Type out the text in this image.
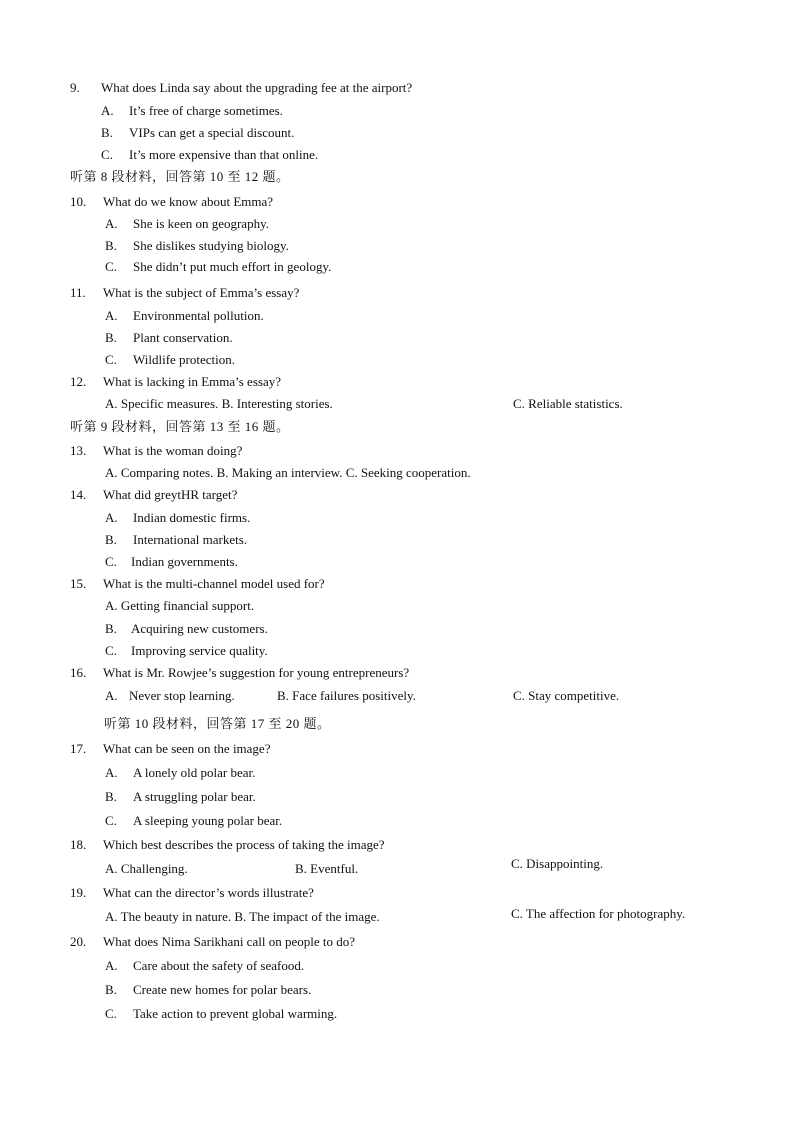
9. What does Linda say about the upgrading fee at the airport?
A. It’s free of charge sometimes.
B. VIPs can get a special discount.
C. It’s more expensive than that online.
听第 8 段材料，回答第 10 至 12 题。
10. What do we know about Emma?
A. She is keen on geography.
B. She dislikes studying biology.
C. She didn’t put much effort in geology.
11. What is the subject of Emma’s essay?
A. Environmental pollution.
B. Plant conservation.
C. Wildlife protection.
12. What is lacking in Emma’s essay?
A. Specific measures. B. Interesting stories.	C. Reliable statistics.
听第 9 段材料，回答第 13 至 16 题。
13. What is the woman doing?
A. Comparing notes. B. Making an interview. C. Seeking cooperation.
14. What did greytHR target?
A. Indian domestic firms.
B. International markets.
C. Indian governments.
15. What is the multi-channel model used for?
A. Getting financial support.
B. Acquiring new customers.
C. Improving service quality.
16. What is Mr. Rowjee’s suggestion for young entrepreneurs?
A. Never stop learning.	B. Face failures positively.	C. Stay competitive.
听第 10 段材料，回答第 17 至 20 题。
17. What can be seen on the image?
A. A lonely old polar bear.
B. A struggling polar bear.
C. A sleeping young polar bear.
18. Which best describes the process of taking the image?
C. Disappointing.
A. Challenging.	B. Eventful.
19. What can the director’s words illustrate?
C. The affection for photography.
A. The beauty in nature. B. The impact of the image.
20. What does Nima Sarikhani call on people to do?
A. Care about the safety of seafood.
B. Create new homes for polar bears.
C. Take action to prevent global warming.
